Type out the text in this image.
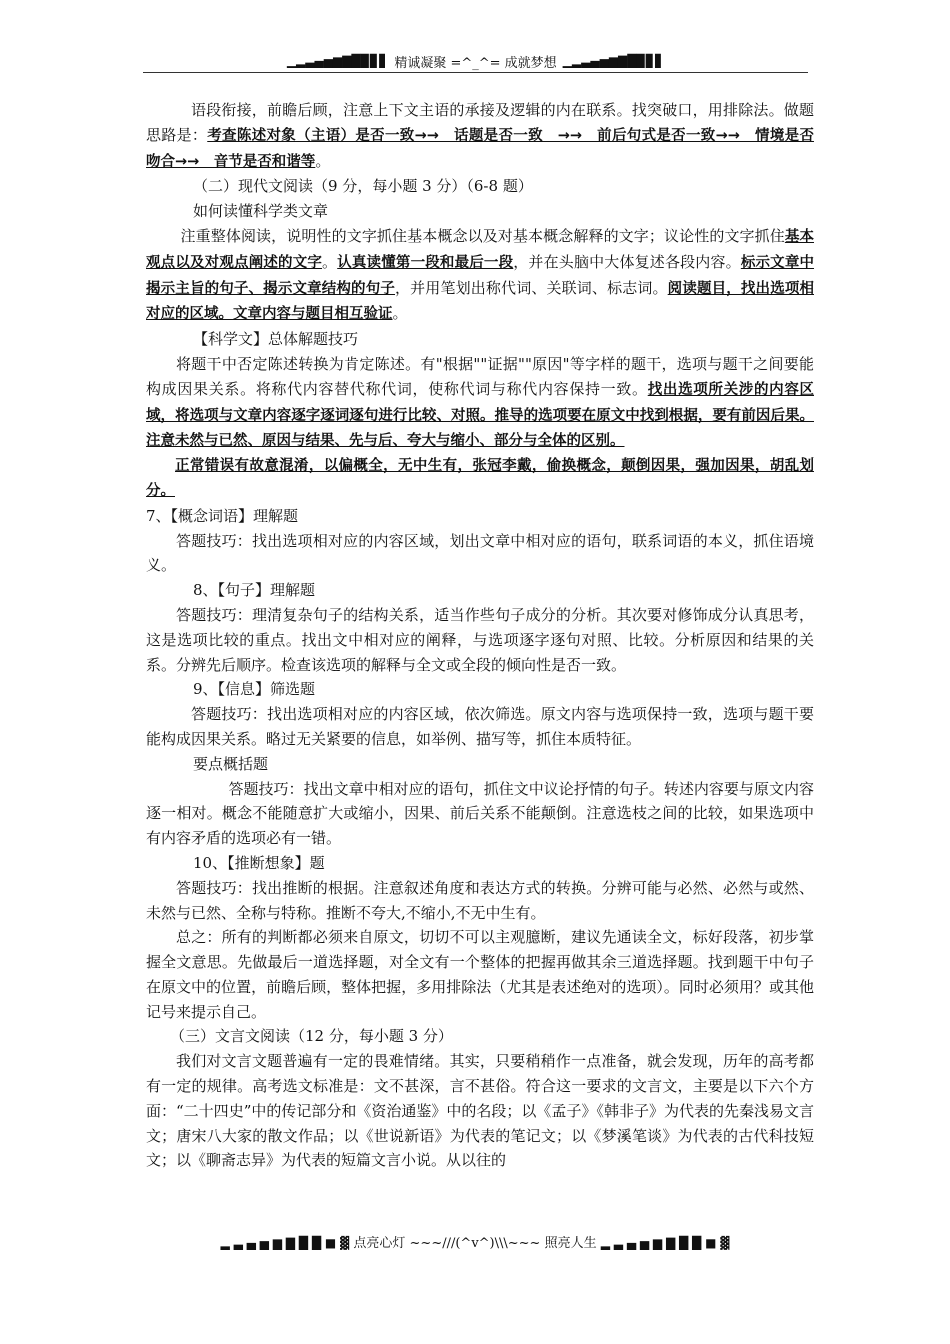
▁▂▃▄▅▆▇█▉▊▋ 精诚凝聚 =^_^= 成就梦想 ▁▂▃▄▅▆▇█▉▊▋

语段衔接，前瞻后顾，注意上下文主语的承接及逻辑的内在联系。找突破口，用排除法。做题思路是：考查陈述对象（主语）是否一致→→　话题是否一致　→→　前后句式是否一致→→　情境是否吻合→→　音节是否和谐等。

（二）现代文阅读（9 分，每小题 3 分）（6-8 题）

如何读懂科学类文章

注重整体阅读，说明性的文字抓住基本概念以及对基本概念解释的文字；议论性的文字抓住基本观点以及对观点阐述的文字。认真读懂第一段和最后一段，并在头脑中大体复述各段内容。标示文章中揭示主旨的句子、揭示文章结构的句子，并用笔划出称代词、关联词、标志词。阅读题目，找出选项相对应的区域。文章内容与题目相互验证。

【科学文】总体解题技巧

将题干中否定陈述转换为肯定陈述。有"根据""证据""原因"等字样的题干，选项与题干之间要能构成因果关系。将称代内容替代称代词，使称代词与称代内容保持一致。找出选项所关涉的内容区域，将选项与文章内容逐字逐词逐句进行比较、对照。推导的选项要在原文中找到根据，要有前因后果。注意未然与已然、原因与结果、先与后、夸大与缩小、部分与全体的区别。

正常错误有故意混淆，以偏概全，无中生有，张冠李戴，偷换概念，颠倒因果，强加因果，胡乱划分。

7、【概念词语】理解题

答题技巧：找出选项相对应的内容区域，划出文章中相对应的语句，联系词语的本义，抓住语境义。

8、【句子】理解题

答题技巧：理清复杂句子的结构关系，适当作些句子成分的分析。其次要对修饰成分认真思考，这是选项比较的重点。找出文中相对应的阐释，与选项逐字逐句对照、比较。分析原因和结果的关系。分辨先后顺序。检查该选项的解释与全文或全段的倾向性是否一致。

9、【信息】筛选题

答题技巧：找出选项相对应的内容区域，依次筛选。原文内容与选项保持一致，选项与题干要能构成因果关系。略过无关紧要的信息，如举例、描写等，抓住本质特征。

要点概括题

答题技巧：找出文章中相对应的语句，抓住文中议论抒情的句子。转述内容要与原文内容逐一相对。概念不能随意扩大或缩小，因果、前后关系不能颠倒。注意选枝之间的比较，如果选项中有内容矛盾的选项必有一错。

10、【推断想象】题

答题技巧：找出推断的根据。注意叙述角度和表达方式的转换。分辨可能与必然、必然与或然、未然与已然、全称与特称。推断不夸大,不缩小,不无中生有。

总之：所有的判断都必须来自原文，切切不可以主观臆断，建议先通读全文，标好段落，初步掌握全文意思。先做最后一道选择题，对全文有一个整体的把握再做其余三道选择题。找到题干中句子在原文中的位置，前瞻后顾，整体把握，多用排除法（尤其是表述绝对的选项）。同时必须用？或其他记号来提示自己。

（三）文言文阅读（12 分，每小题 3 分）

我们对文言文题普遍有一定的畏难情绪。其实，只要稍稍作一点准备，就会发现，历年的高考都有一定的规律。高考选文标准是：文不甚深，言不甚俗。符合这一要求的文言文，主要是以下六个方面：“二十四史”中的传记部分和《资治通鉴》中的名段；以《孟子》《韩非子》为代表的先秦浅易文言文；唐宋八大家的散文作品；以《世说新语》为代表的笔记文；以《梦溪笔谈》为代表的古代科技短文；以《聊斋志异》为代表的短篇文言小说。从以往的

▂ ▃ ▄ ▅ ▆ ▇ █ █ ■ ▓ 点亮心灯 ~~~///(^v^)\\\~~~ 照亮人生 ▂ ▃ ▄ ▅ ▆ ▇ █ █ ■ ▓
